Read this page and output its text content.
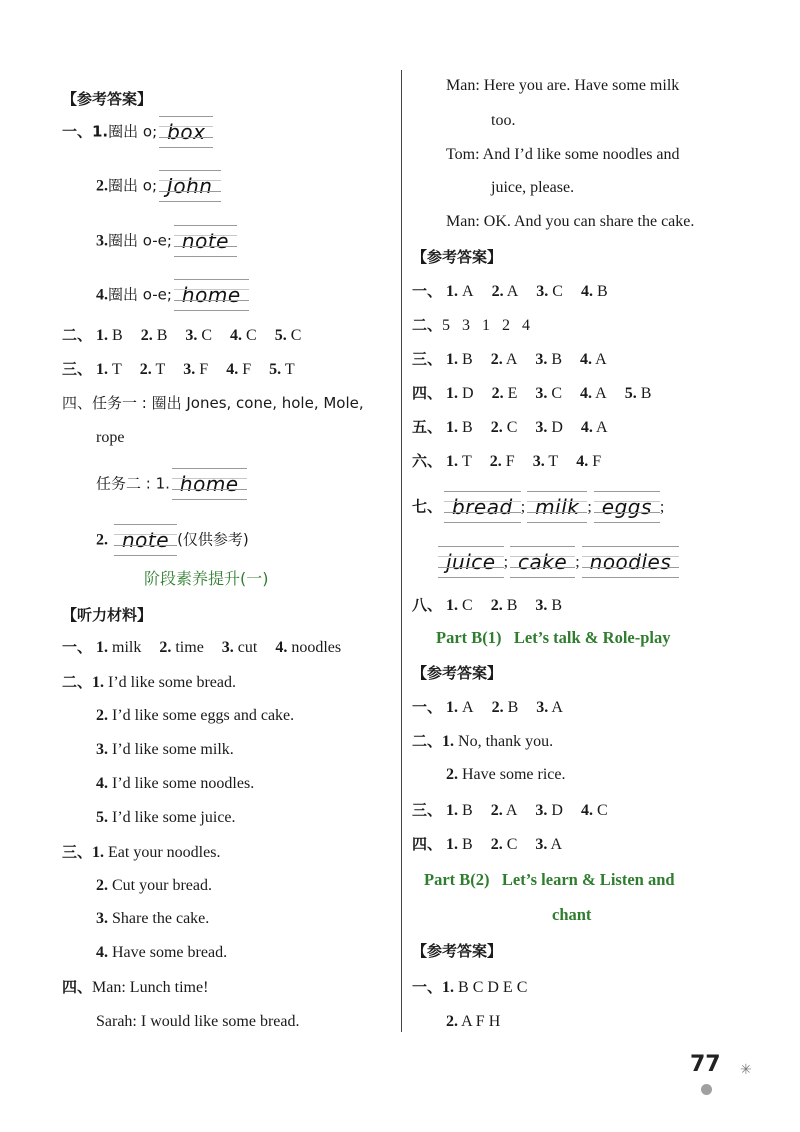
【参考答案】
一、1.圈出 o; box
2.圈出 o; John
3.圈出 o-e; note
4.圈出 o-e; home
二、 1. B 2. B 3. C 4. C 5. C
三、 1. T 2. T 3. F 4. F 5. T
四、任务一 : 圈出 Jones, cone, hole, Mole,
rope
任务二 : 1. home
2. note (仅供参考)
阶段素养提升(一)
【听力材料】
一、 1. milk 2. time 3. cut 4. noodles
二、1. I’d like some bread.
2. I’d like some eggs and cake.
3. I’d like some milk.
4. I’d like some noodles.
5. I’d like some juice.
三、1. Eat your noodles.
2. Cut your bread.
3. Share the cake.
4. Have some bread.
四、Man: Lunch time!
Sarah: I would like some bread.
Man: Here you are. Have some milk
too.
Tom: And I’d like some noodles and
juice, please.
Man: OK. And you can share the cake.
【参考答案】
一、 1. A 2. A 3. C 4. B
二、5   3   1   2   4
三、 1. B 2. A 3. B 4. A
四、 1. D 2. E 3. C 4. A 5. B
五、 1. B 2. C 3. D 4. A
六、 1. T 2. F 3. T 4. F
七、 bread ; milk ; eggs ;
juice ; cake ; noodles
八、 1. C 2. B 3. B
Part B(1) Let’s talk & Role-play
【参考答案】
一、 1. A 2. B 3. A
二、1. No, thank you.
2. Have some rice.
三、 1. B 2. A 3. D 4. C
四、 1. B 2. C 3. A
Part B(2) Let’s learn & Listen and
chant
【参考答案】
一、1. B C D E C
2. A F H
77 ✳
